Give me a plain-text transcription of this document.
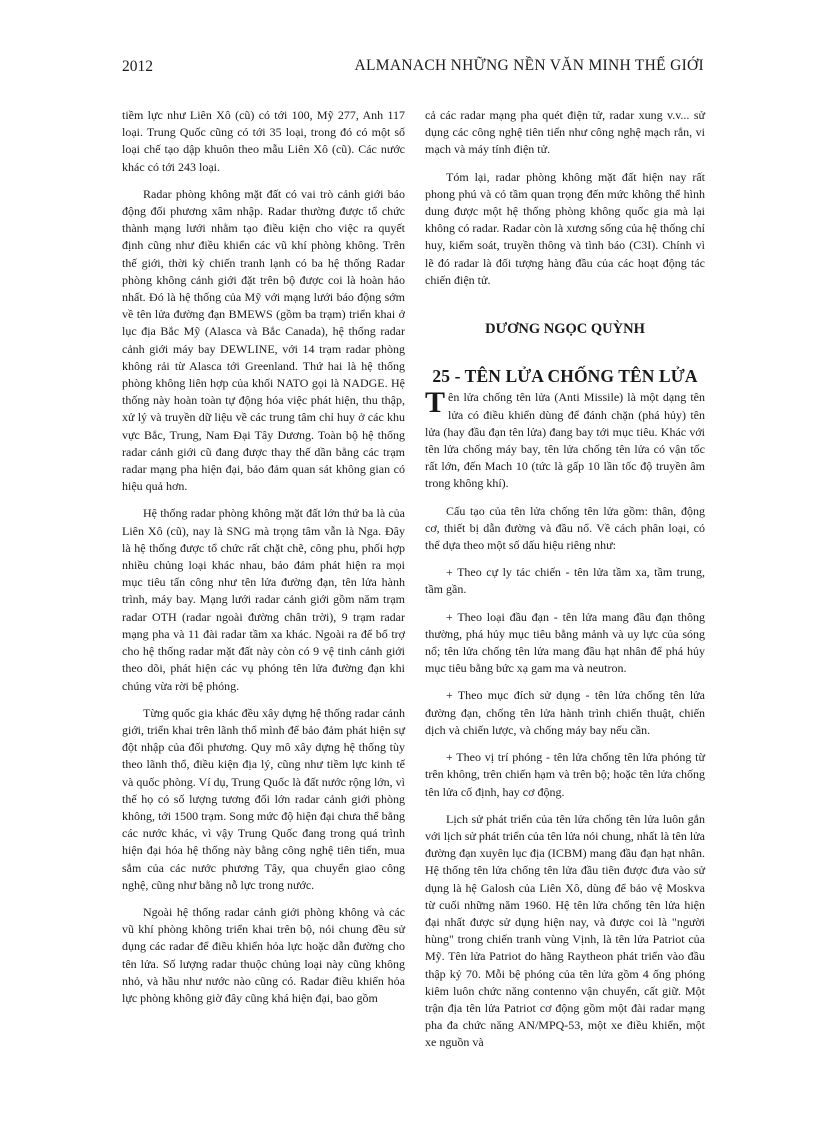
2012	ALMANACH NHỮNG NỀN VĂN MINH THẾ GIỚI

tiềm lực như Liên Xô (cũ) có tới 100, Mỹ 277, Anh 117 loại. Trung Quốc cũng có tới 35 loại, trong đó có một số loại chế tạo dập khuôn theo mẫu Liên Xô (cũ). Các nước khác có tới 243 loại.

Radar phòng không mặt đất có vai trò cảnh giới báo động đối phương xâm nhập. Radar thường được tổ chức thành mạng lưới nhằm tạo điều kiện cho việc ra quyết định cũng như điều khiển các vũ khí phòng không. Trên thế giới, thời kỳ chiến tranh lạnh có ba hệ thống Radar phòng không cảnh giới đặt trên bộ được coi là hoàn hảo nhất. Đó là hệ thống của Mỹ với mạng lưới báo động sớm về tên lửa đường đạn BMEWS (gồm ba trạm) triển khai ở lục địa Bắc Mỹ (Alasca và Bắc Canada), hệ thống radar cảnh giới máy bay DEWLINE, với 14 trạm radar phòng không rải từ Alasca tới Greenland. Thứ hai là hệ thống phòng không liên hợp của khối NATO gọi là NADGE. Hệ thống này hoàn toàn tự động hóa việc phát hiện, thu thập, xử lý và truyền dữ liệu về các trung tâm chỉ huy ở các khu vực Bắc, Trung, Nam Đại Tây Dương. Toàn bộ hệ thống radar cảnh giới cũ đang được thay thế dần bằng các trạm radar mạng pha hiện đại, bảo đảm quan sát không gian có hiệu quả hơn.

Hệ thống radar phòng không mặt đất lớn thứ ba là của Liên Xô (cũ), nay là SNG mà trọng tâm vẫn là Nga. Đây là hệ thống được tổ chức rất chặt chẽ, công phu, phối hợp nhiều chủng loại khác nhau, bảo đảm phát hiện ra mọi mục tiêu tấn công như tên lửa đường đạn, tên lửa hành trình, máy bay. Mạng lưới radar cảnh giới gồm năm trạm radar OTH (radar ngoài đường chân trời), 9 trạm radar mạng pha và 11 đài radar tầm xa khác. Ngoài ra để bổ trợ cho hệ thống radar mặt đất này còn có 9 vệ tinh cảnh giới theo dõi, phát hiện các vụ phóng tên lửa đường đạn khi chúng vừa rời bệ phóng.

Từng quốc gia khác đều xây dựng hệ thống radar cảnh giới, triển khai trên lãnh thổ mình để bảo đảm phát hiện sự đột nhập của đối phương. Quy mô xây dựng hệ thống tùy theo lãnh thổ, điều kiện địa lý, cũng như tiềm lực kinh tế và quốc phòng. Ví dụ, Trung Quốc là đất nước rộng lớn, vì thế họ có số lượng tương đối lớn radar cảnh giới phòng không, tới 1500 trạm. Song mức độ hiện đại chưa thể bằng các nước khác, vì vậy Trung Quốc đang trong quá trình hiện đại hóa hệ thống này bằng công nghệ tiên tiến, mua sắm của các nước phương Tây, qua chuyển giao công nghệ, cũng như bằng nỗ lực trong nước.

Ngoài hệ thống radar cảnh giới phòng không và các vũ khí phòng không triển khai trên bộ, nói chung đều sử dụng các radar để điều khiển hỏa lực hoặc dẫn đường cho tên lửa. Số lượng radar thuộc chủng loại này cũng không nhỏ, và hầu như nước nào cũng có. Radar điều khiển hỏa lực phòng không giờ đây cũng khá hiện đại, bao gồm

cả các radar mạng pha quét điện tử, radar xung v.v... sử dụng các công nghệ tiên tiến như công nghệ mạch rắn, vi mạch và máy tính điện tử.

Tóm lại, radar phòng không mặt đất hiện nay rất phong phú và có tầm quan trọng đến mức không thể hình dung được một hệ thống phòng không quốc gia mà lại không có radar. Radar còn là xương sống của hệ thống chỉ huy, kiểm soát, truyền thông và tình báo (C3I). Chính vì lẽ đó radar là đối tượng hàng đầu của các hoạt động tác chiến điện tử.

DƯƠNG NGỌC QUỲNH
25 - TÊN LỬA CHỐNG TÊN LỬA

Tên lửa chống tên lửa (Anti Missile) là một dạng tên lửa có điều khiển dùng để đánh chặn (phá hủy) tên lửa (hay đầu đạn tên lửa) đang bay tới mục tiêu. Khác với tên lửa chống máy bay, tên lửa chống tên lửa có vận tốc rất lớn, đến Mach 10 (tức là gấp 10 lần tốc độ truyền âm trong không khí).

Cấu tạo của tên lửa chống tên lửa gồm: thân, động cơ, thiết bị dẫn đường và đầu nổ. Về cách phân loại, có thể dựa theo một số dấu hiệu riêng như:

+ Theo cự ly tác chiến - tên lửa tầm xa, tầm trung, tầm gần.

+ Theo loại đầu đạn - tên lửa mang đầu đạn thông thường, phá hủy mục tiêu bằng mảnh và uy lực của sóng nổ; tên lửa chống tên lửa mang đầu hạt nhân để phá hủy mục tiêu bằng bức xạ gam ma và neutron.

+ Theo mục đích sử dụng - tên lửa chống tên lửa đường đạn, chống tên lửa hành trình chiến thuật, chiến dịch và chiến lược, và chống máy bay nếu cần.

+ Theo vị trí phóng - tên lửa chống tên lửa phóng từ trên không, trên chiến hạm và trên bộ; hoặc tên lửa chống tên lửa cố định, hay cơ động.

Lịch sử phát triển của tên lửa chống tên lửa luôn gắn với lịch sử phát triển của tên lửa nói chung, nhất là tên lửa đường đạn xuyên lục địa (ICBM) mang đầu đạn hạt nhân. Hệ thống tên lửa chống tên lửa đầu tiên được đưa vào sử dụng là hệ Galosh của Liên Xô, dùng để bảo vệ Moskva từ cuối những năm 1960. Hệ tên lửa chống tên lửa hiện đại nhất được sử dụng hiện nay, và được coi là "người hùng" trong chiến tranh vùng Vịnh, là tên lửa Patriot của Mỹ. Tên lửa Patriot do hãng Raytheon phát triển vào đầu thập kỷ 70. Mỗi bệ phóng của tên lửa gồm 4 ống phóng kiêm luôn chức năng contenno vận chuyển, cất giữ. Một trận địa tên lửa Patriot cơ động gồm một đài radar mạng pha đa chức năng AN/MPQ-53, một xe điều khiển, một xe nguồn và
